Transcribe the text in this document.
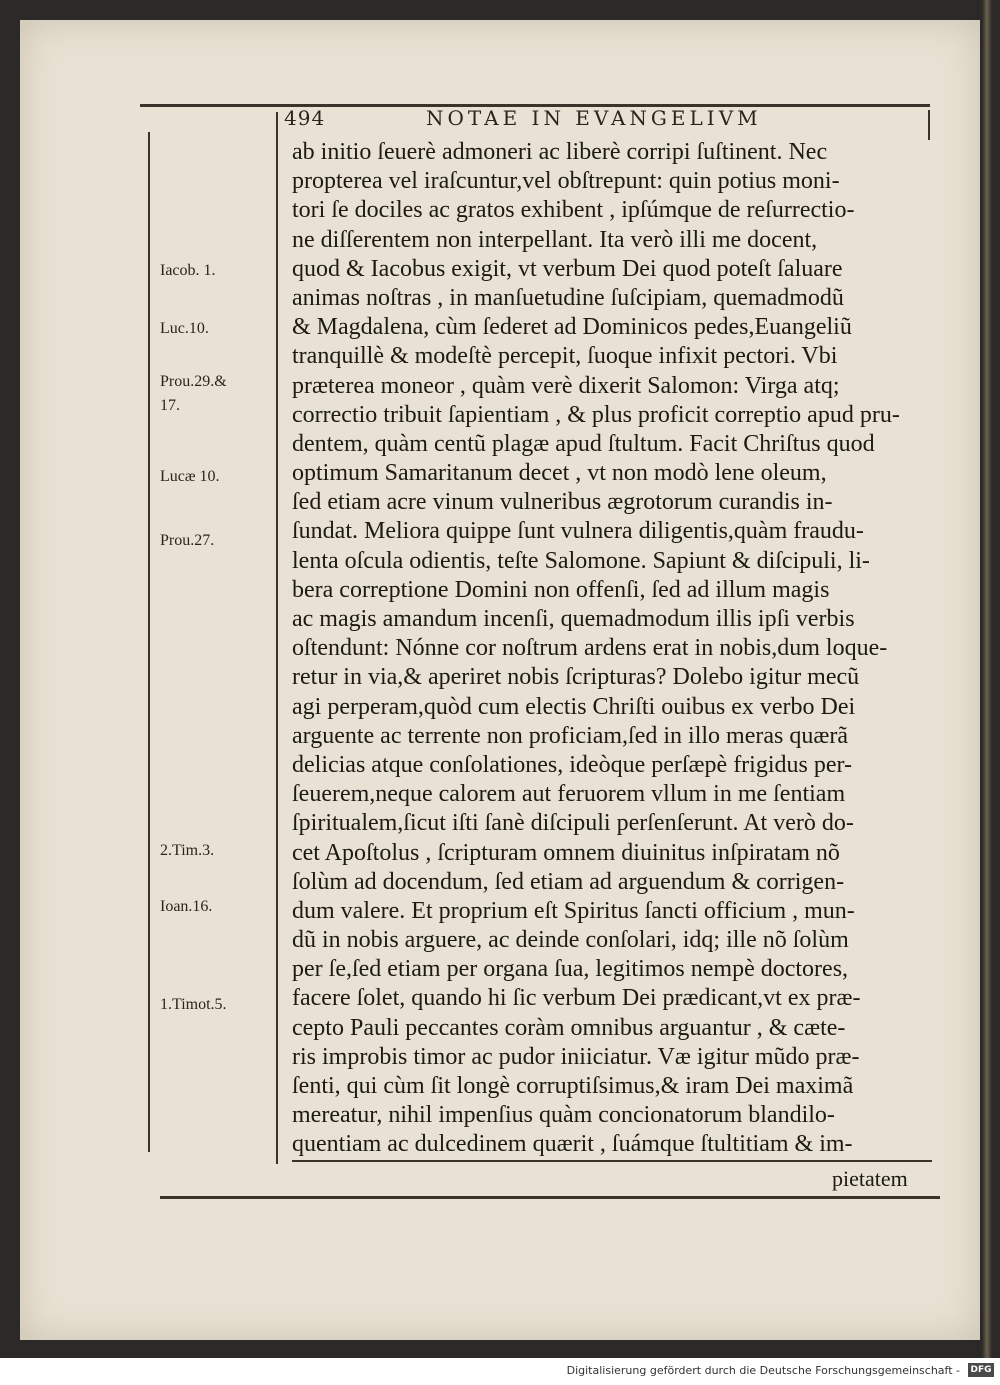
494	NOTAE IN EVANGELIVM
Iacob. 1.
Luc.10.
Prou.29.&
17.
Lucæ 10.
Prou.27.
2.Tim.3.
Ioan.16.
1.Timot.5.
ab initio ſeuerè admoneri ac liberè corripi ſuſtinent. Nec
propterea vel iraſcuntur,vel obſtrepunt: quin potius moni-
tori ſe dociles ac gratos exhibent , ipſúmque de reſurrectio-
ne diſſerentem non interpellant. Ita verò illi me docent,
quod & Iacobus exigit, vt verbum Dei quod poteſt ſaluare
animas noſtras , in manſuetudine ſuſcipiam, quemadmodũ
& Magdalena, cùm ſederet ad Dominicos pedes,Euangeliũ
tranquillè & modeſtè percepit, ſuoque infixit pectori. Vbi
præterea moneor , quàm verè dixerit Salomon: Virga atq;
correctio tribuit ſapientiam , & plus proficit correptio apud pru-
dentem, quàm centũ plagæ apud ſtultum. Facit Chriſtus quod
optimum Samaritanum decet , vt non modò lene oleum,
ſed etiam acre vinum vulneribus ægrotorum curandis in-
ſundat. Meliora quippe ſunt vulnera diligentis,quàm fraudu-
lenta oſcula odientis, teſte Salomone. Sapiunt & diſcipuli, li-
bera correptione Domini non offenſi, ſed ad illum magis
ac magis amandum incenſi, quemadmodum illis ipſi verbis
oſtendunt: Nónne cor noſtrum ardens erat in nobis,dum loque-
retur in via,& aperiret nobis ſcripturas? Dolebo igitur mecũ
agi perperam,quòd cum electis Chriſti ouibus ex verbo Dei
arguente ac terrente non proficiam,ſed in illo meras quærã
delicias atque conſolationes, ideòque perſæpè frigidus per-
ſeuerem,neque calorem aut feruorem vllum in me ſentiam
ſpiritualem,ſicut iſti ſanè diſcipuli perſenſerunt. At verò do-
cet Apoſtolus , ſcripturam omnem diuinitus inſpiratam nõ
ſolùm ad docendum, ſed etiam ad arguendum & corrigen-
dum valere. Et proprium eſt Spiritus ſancti officium , mun-
dũ in nobis arguere, ac deinde conſolari, idq; ille nõ ſolùm
per ſe,ſed etiam per organa ſua, legitimos nempè doctores,
facere ſolet, quando hi ſic verbum Dei prædicant,vt ex præ-
cepto Pauli peccantes coràm omnibus arguantur , & cæte-
ris improbis timor ac pudor iniiciatur. Væ igitur mũdo præ-
ſenti, qui cùm ſit longè corruptiſsimus,& iram Dei maximã
mereatur, nihil impenſius quàm concionatorum blandilo-
quentiam ac dulcedinem quærit , ſuámque ſtultitiam & im-
pietatem
Digitalisierung gefördert durch die Deutsche Forschungsgemeinschaft - DFG
